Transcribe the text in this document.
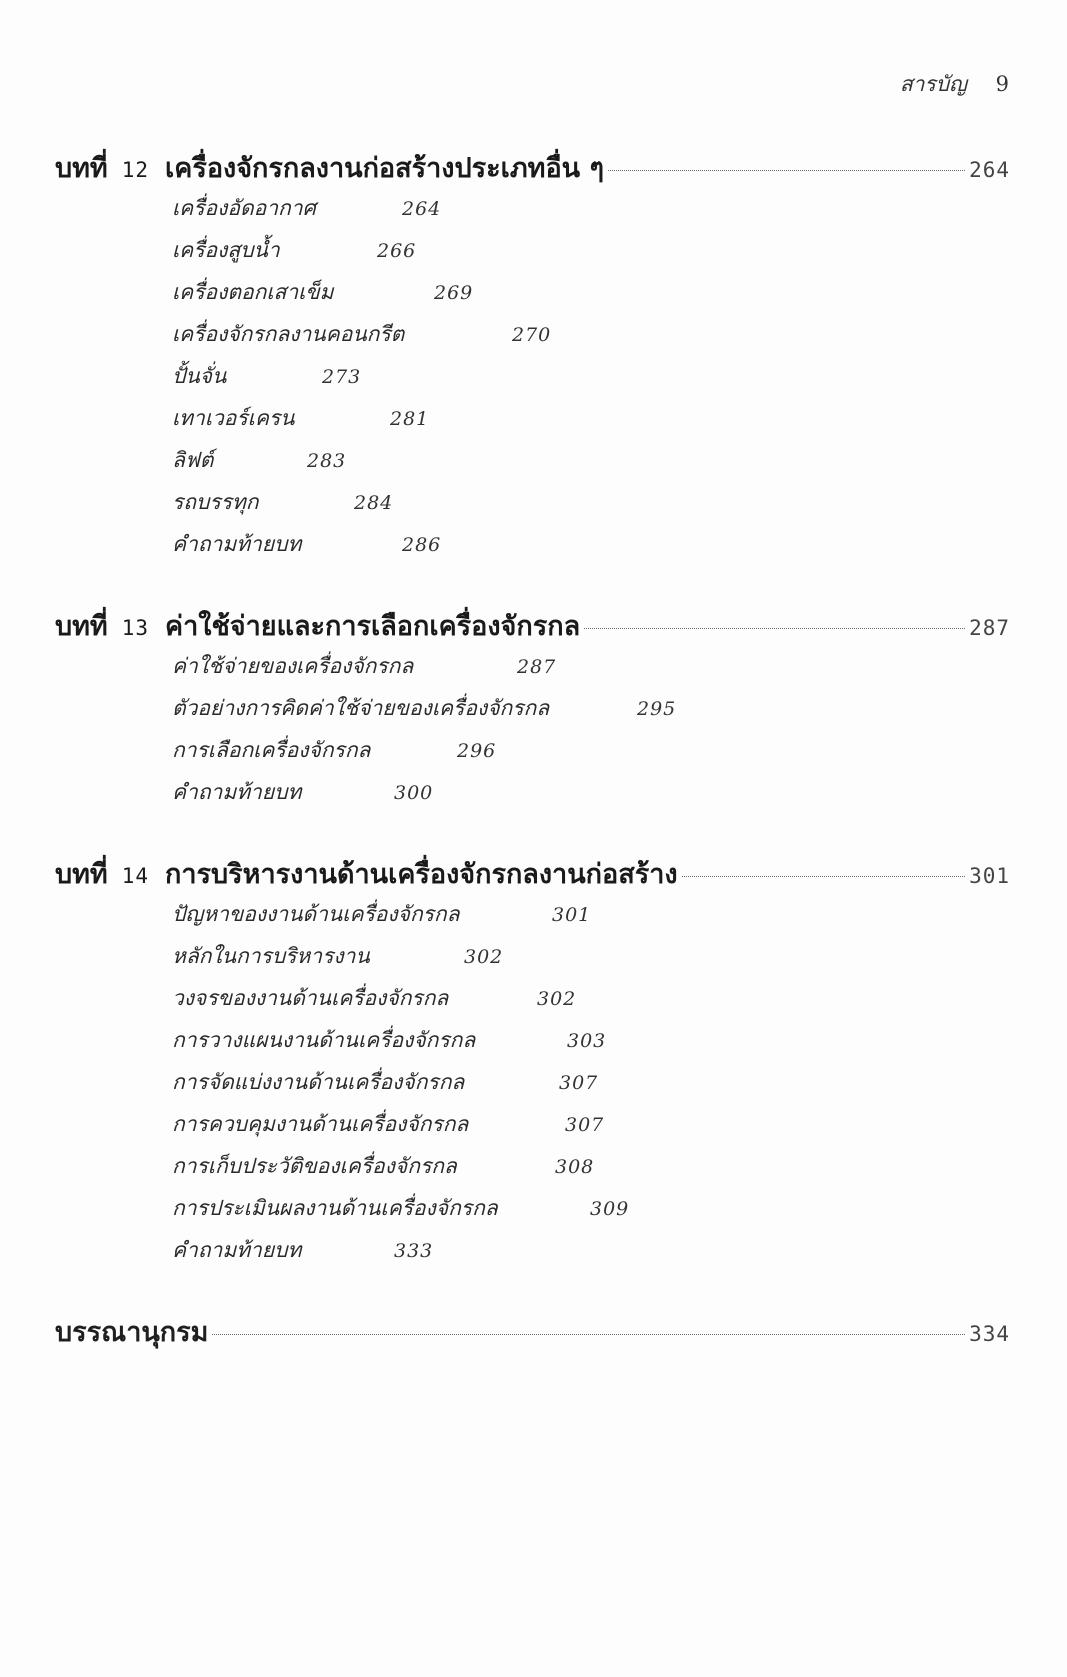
สารบัญ 9
บทที่ 12 เครื่องจักรกลงานก่อสร้างประเภทอื่น ๆ	264
เครื่องอัดอากาศ	264
เครื่องสูบน้ำ	266
เครื่องตอกเสาเข็ม	269
เครื่องจักรกลงานคอนกรีต	270
ปั้นจั่น	273
เทาเวอร์เครน	281
ลิฟต์	283
รถบรรทุก	284
คำถามท้ายบท	286
บทที่ 13 ค่าใช้จ่ายและการเลือกเครื่องจักรกล	287
ค่าใช้จ่ายของเครื่องจักรกล	287
ตัวอย่างการคิดค่าใช้จ่ายของเครื่องจักรกล	295
การเลือกเครื่องจักรกล	296
คำถามท้ายบท	300
บทที่ 14 การบริหารงานด้านเครื่องจักรกลงานก่อสร้าง	301
ปัญหาของงานด้านเครื่องจักรกล	301
หลักในการบริหารงาน	302
วงจรของงานด้านเครื่องจักรกล	302
การวางแผนงานด้านเครื่องจักรกล	303
การจัดแบ่งงานด้านเครื่องจักรกล	307
การควบคุมงานด้านเครื่องจักรกล	307
การเก็บประวัติของเครื่องจักรกล	308
การประเมินผลงานด้านเครื่องจักรกล	309
คำถามท้ายบท	333
บรรณานุกรม	334
